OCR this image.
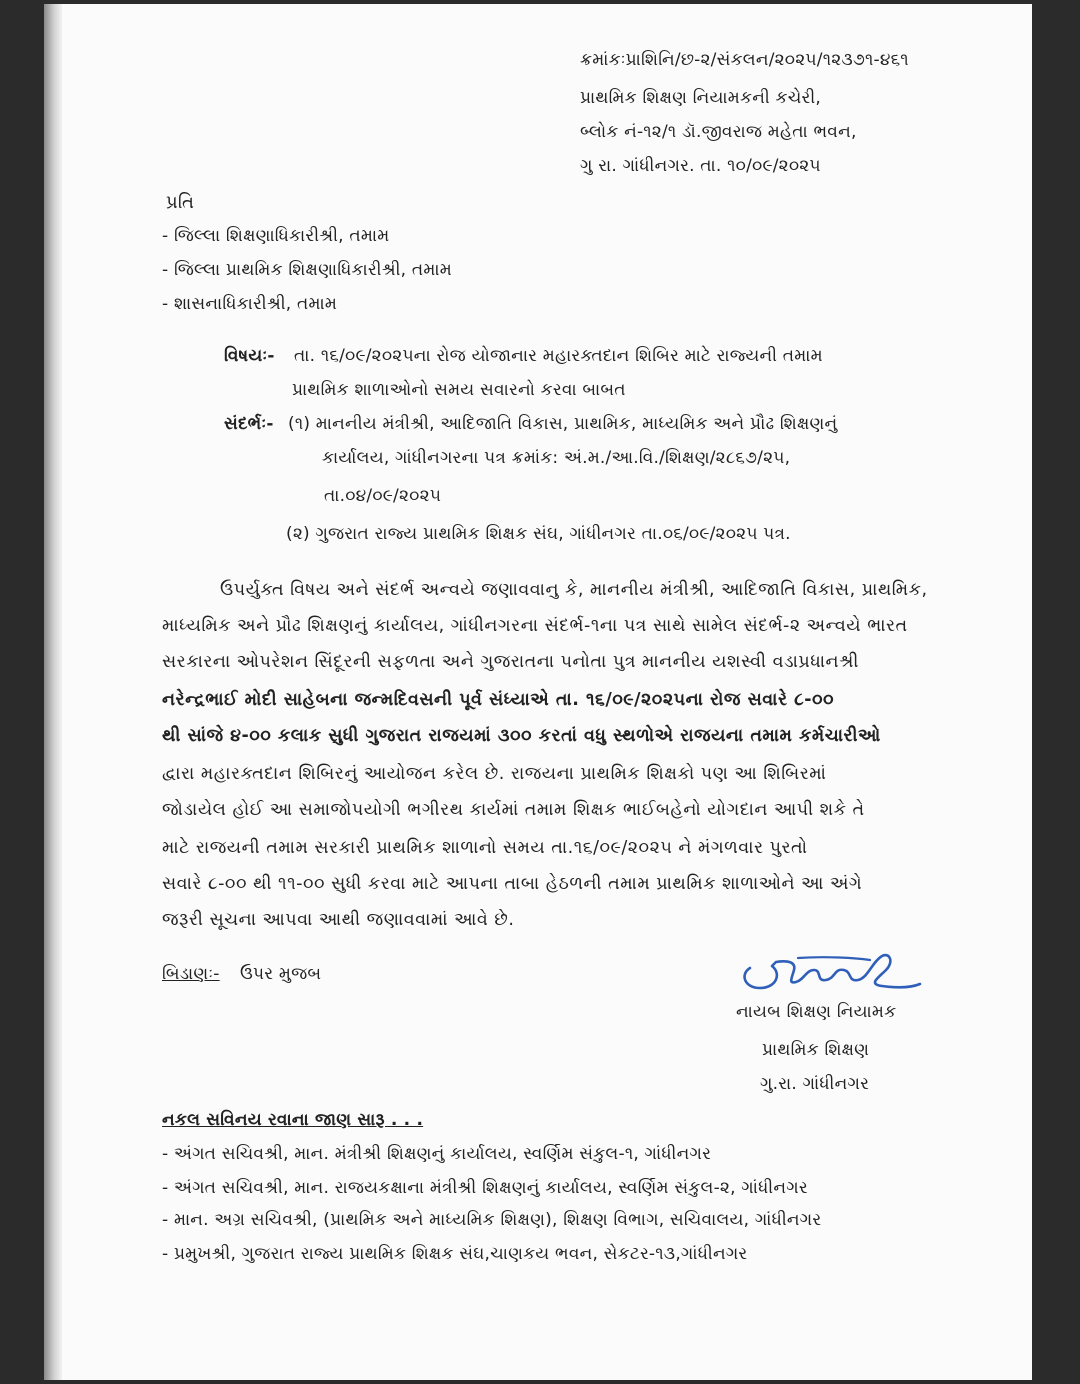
ક્રમાંકઃપ્રાશિનિ/છ-૨/સંકલન/૨૦૨૫/૧૨૩૭૧-૪૬૧
પ્રાથમિક શિક્ષણ નિયામકની કચેરી,
બ્લોક નં-૧૨/૧ ડૉ.જીવરાજ મહેતા ભવન,
ગુ રા. ગાંધીનગર. તા. ૧૦/૦૯/૨૦૨૫
પ્રતિ
- જિલ્લા શિક્ષણાધિકારીશ્રી, તમામ
- જિલ્લા પ્રાથમિક શિક્ષણાધિકારીશ્રી, તમામ
- શાસનાધિકારીશ્રી, તમામ
વિષયઃ- તા. ૧૬/૦૯/૨૦૨૫ના રોજ યોજાનાર મહારક્તદાન શિબિર માટે રાજ્યની તમામ
પ્રાથમિક શાળાઓનો સમય સવારનો કરવા બાબત
સંદર્ભઃ- (૧) માનનીય મંત્રીશ્રી, આદિજાતિ વિકાસ, પ્રાથમિક, માધ્યમિક અને પ્રૌઢ શિક્ષણનું
કાર્યાલય, ગાંધીનગરના પત્ર ક્રમાંક: અં.મ./આ.વિ./શિક્ષણ/૨૮૬૭/૨૫,
તા.૦૪/૦૯/૨૦૨૫
(૨) ગુજરાત રાજ્ય પ્રાથમિક શિક્ષક સંઘ, ગાંધીનગર તા.૦૬/૦૯/૨૦૨૫ પત્ર.
ઉપર્યુક્ત વિષય અને સંદર્ભ અન્વયે જણાવવાનુ કે, માનનીય મંત્રીશ્રી, આદિજાતિ વિકાસ, પ્રાથમિક,
માધ્યમિક અને પ્રૌઢ શિક્ષણનું કાર્યાલય, ગાંધીનગરના સંદર્ભ-૧ના પત્ર સાથે સામેલ સંદર્ભ-૨ અન્વયે ભારત
સરકારના ઓપરેશન સિંદૂરની સફળતા અને ગુજરાતના પનોતા પુત્ર માનનીય યશસ્વી વડાપ્રધાનશ્રી
નરેન્દ્રભાઈ મોદી સાહેબના જન્મદિવસની પૂર્વ સંધ્યાએ તા. ૧૬/૦૯/૨૦૨૫ના રોજ સવારે ૮-૦૦
થી સાંજે ૪-૦૦ કલાક સુધી ગુજરાત રાજયમાં ૩૦૦ કરતાં વધુ સ્થળોએ રાજયના તમામ કર્મચારીઓ
દ્વારા મહારક્તદાન શિબિરનું આયોજન કરેલ છે. રાજયના પ્રાથમિક શિક્ષકો પણ આ શિબિરમાં
જોડાયેલ હોઈ આ સમાજોપયોગી ભગીરથ કાર્યમાં તમામ શિક્ષક ભાઈબહેનો યોગદાન આપી શકે તે
માટે રાજયની તમામ સરકારી પ્રાથમિક શાળાનો સમય તા.૧૬/૦૯/૨૦૨૫ ને મંગળવાર પુરતો
સવારે ૮-૦૦ થી ૧૧-૦૦ સુધી કરવા માટે આપના તાબા હેઠળની તમામ પ્રાથમિક શાળાઓને આ અંગે
જરૂરી સૂચના આપવા આથી જણાવવામાં આવે છે.
બિડાણઃ- ઉપર મુજબ
નાયબ શિક્ષણ નિયામક
પ્રાથમિક શિક્ષણ
ગુ.રા. ગાંધીનગર
નકલ સવિનય રવાના જાણ સારૂ . . .
- અંગત સચિવશ્રી, માન. મંત્રીશ્રી શિક્ષણનું કાર્યાલય, સ્વર્ણિમ સંકુલ-૧, ગાંધીનગર
- અંગત સચિવશ્રી, માન. રાજયકક્ષાના મંત્રીશ્રી શિક્ષણનું કાર્યાલય, સ્વર્ણિમ સંકુલ-૨, ગાંધીનગર
- માન. અગ્ર સચિવશ્રી, (પ્રાથમિક અને માધ્યમિક શિક્ષણ), શિક્ષણ વિભાગ, સચિવાલય, ગાંધીનગર
- પ્રમુખશ્રી, ગુજરાત રાજ્ય પ્રાથમિક શિક્ષક સંઘ,ચાણકય ભવન, સેકટર-૧૩,ગાંધીનગર
